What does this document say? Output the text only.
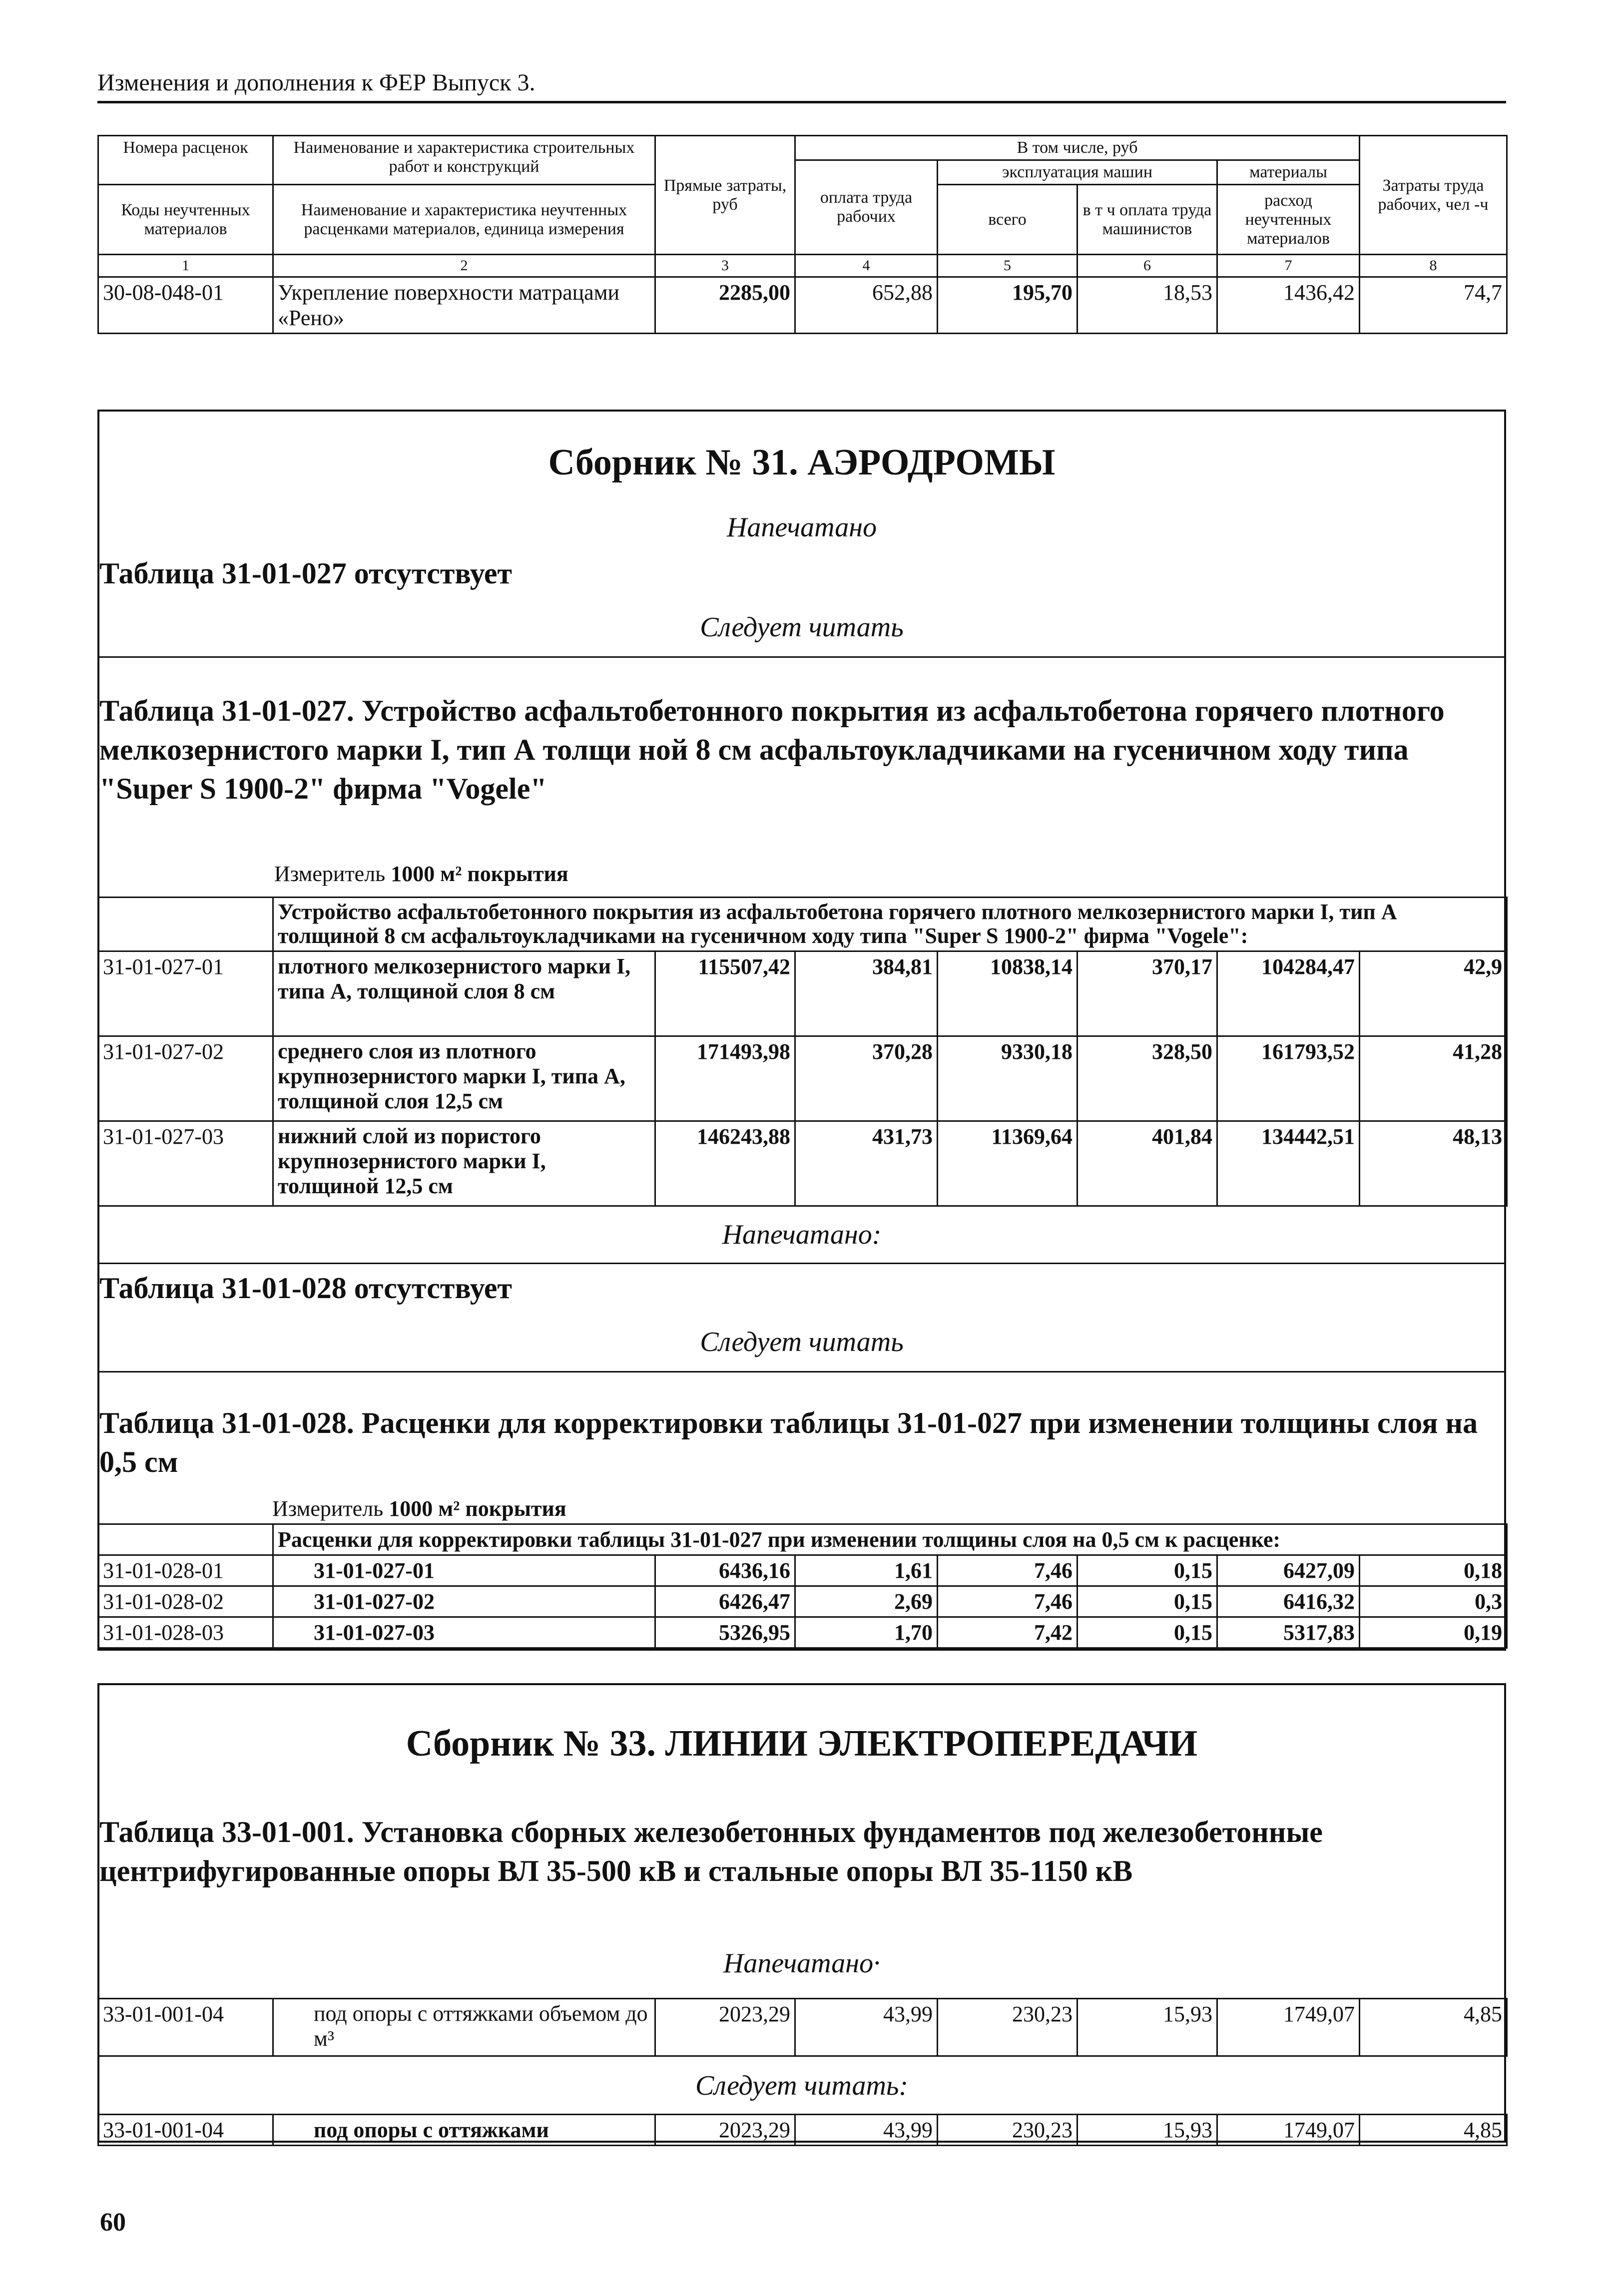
Изменения и дополнения к ФЕР Выпуск 3.
Номера расценок	Наименование и характеристика строительных работ и конструкций	Прямые затраты, руб	В том числе, руб				Затраты труда рабочих, чел -ч
			оплата труда рабочих	эксплуатация машин		материалы	
Коды неучтенных материалов	Наименование и характеристика неучтенных расценками материалов, единица измерения			всего	в т ч оплата труда машинистов	расход неучтенных материалов	

1	2	3	4	5	6	7	8
30-08-048-01	Укрепление поверхности матрацами «Рено»	2285,00	652,88	195,70	18,53	1436,42	74,7
Сборник № 31. АЭРОДРОМЫ
Напечатано
Таблица 31-01-027 отсутствует
Следует читать
Таблица 31-01-027. Устройство асфальтобетонного покрытия из асфальтобетона горячего плотного мелкозернистого марки I, тип А толщи ной 8 см асфальтоукладчиками на гусеничном ходу типа "Super S 1900-2" фирма "Vogele"
Измеритель 1000 м² покрытия
	Устройство асфальтобетонного покрытия из асфальтобетона горячего плотного мелкозернистого марки I, тип А толщиной 8 см асфальтоукладчиками на гусеничном ходу типа "Super S 1900-2" фирма "Vogele":						
31-01-027-01	плотного мелкозернистого марки I, типа А, толщиной слоя 8 см	115507,42	384,81	10838,14	370,17	104284,47	42,9
31-01-027-02	среднего слоя из плотного крупнозернистого марки I, типа А, толщиной слоя 12,5 см	171493,98	370,28	9330,18	328,50	161793,52	41,28
31-01-027-03	нижний слой из пористого крупнозернистого марки I, толщиной 12,5 см	146243,88	431,73	11369,64	401,84	134442,51	48,13
Напечатано:
Таблица 31-01-028 отсутствует
Следует читать
Таблица 31-01-028. Расценки для корректировки таблицы 31-01-027 при изменении толщины слоя на 0,5 см
Измеритель 1000 м² покрытия
	Расценки для корректировки таблицы 31-01-027 при изменении толщины слоя на 0,5 см к расценке:						
31-01-028-01	31-01-027-01	6436,16	1,61	7,46	0,15	6427,09	0,18
31-01-028-02	31-01-027-02	6426,47	2,69	7,46	0,15	6416,32	0,3
31-01-028-03	31-01-027-03	5326,95	1,70	7,42	0,15	5317,83	0,19
Сборник № 33. ЛИНИИ ЭЛЕКТРОПЕРЕДАЧИ
Таблица 33-01-001. Установка сборных железобетонных фундаментов под железобетонные центрифугированные опоры ВЛ 35-500 кВ и стальные опоры ВЛ 35-1150 кВ
Напечатано·
Следует читать:
33-01-001-04	под опоры с оттяжками объемом до м³	2023,29	43,99	230,23	15,93	1749,07	4,85
33-01-001-04	под опоры с оттяжками	2023,29	43,99	230,23	15,93	1749,07	4,85
60
